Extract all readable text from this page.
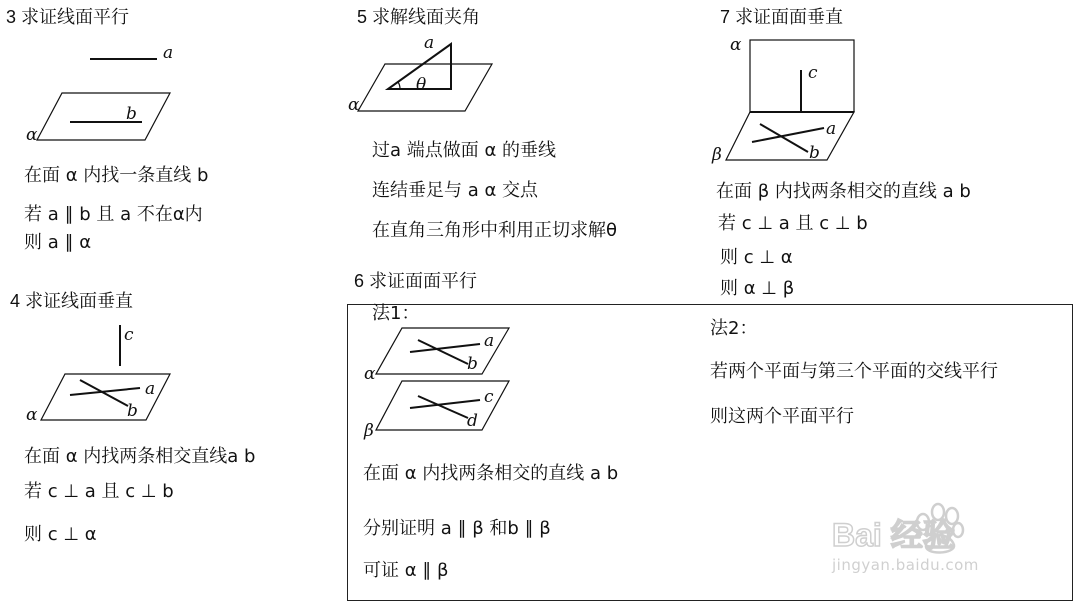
3 求证线面平行
a
b
α
在面 α 内找一条直线 b
若 a ∥ b 且 a 不在α内
则 a ∥ α
4 求证线面垂直
c
a
b
α
在面 α 内找两条相交直线a b
若 c ⊥ a 且 c ⊥ b
则 c ⊥ α
5 求解线面夹角
a
θ
α
过a 端点做面 α 的垂线
连结垂足与 a α 交点
在直角三角形中利用正切求解θ
6 求证面面平行
法1：
法2：
a
b
α
c
d
β
在面 α 内找两条相交的直线 a b
分别证明 a ∥ β 和b ∥ β
可证 α ∥ β
若两个平面与第三个平面的交线平行
则这两个平面平行
7 求证面面垂直
c
α
a
b
β
在面 β 内找两条相交的直线 a b
若 c ⊥ a 且 c ⊥ b
则 c ⊥ α
则 α ⊥ β
Bai 经验
jingyan.baidu.com
